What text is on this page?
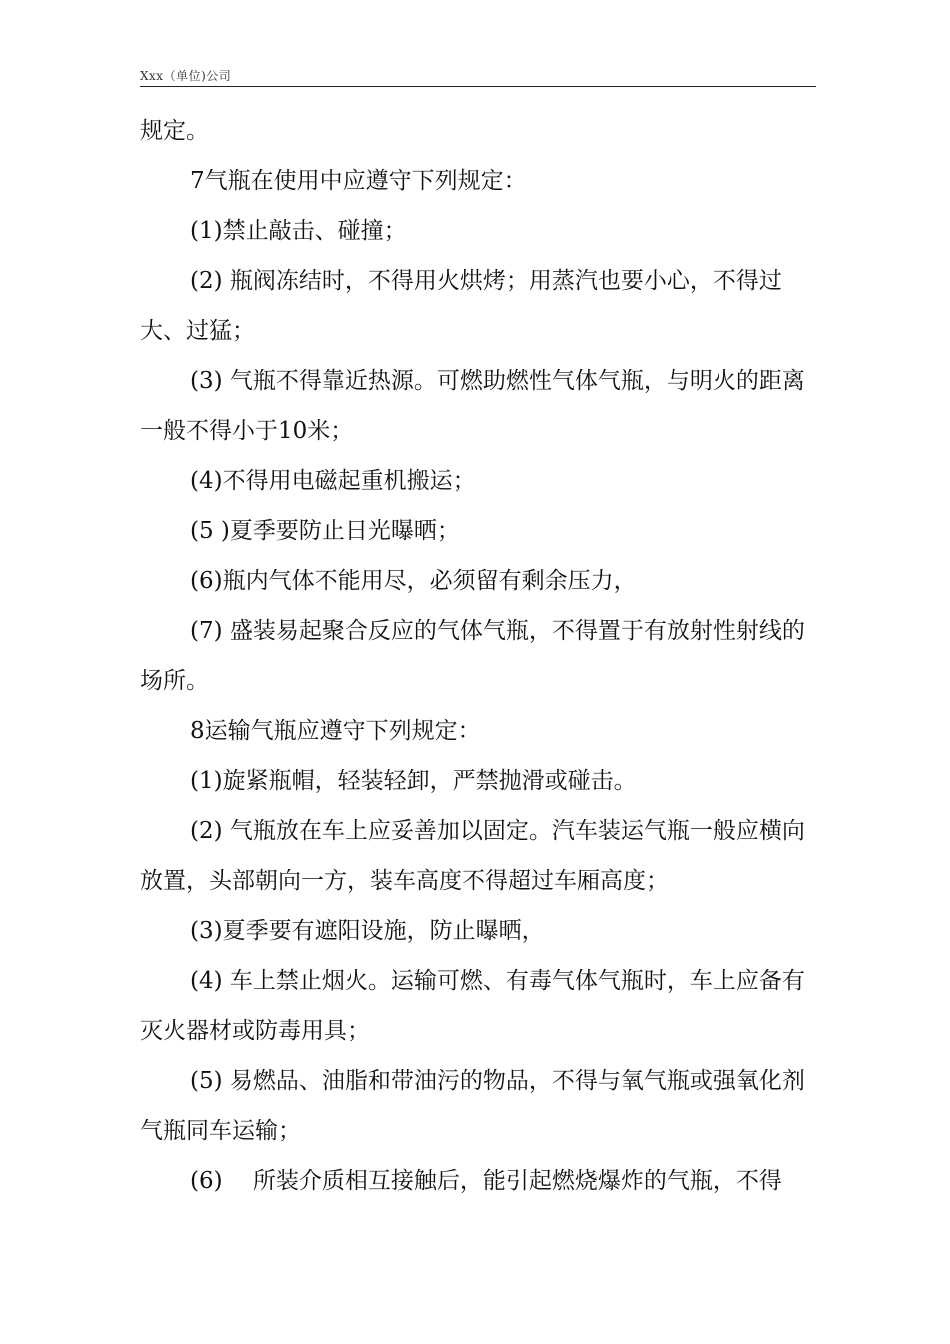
Xxx（单位)公司

规定。

7气瓶在使用中应遵守下列规定：

(1)禁止敲击、碰撞；

(2) 瓶阀冻结时，不得用火烘烤；用蒸汽也要小心，不得过大、过猛；

(3) 气瓶不得靠近热源。可燃助燃性气体气瓶，与明火的距离一般不得小于10米；

(4)不得用电磁起重机搬运；

(5 )夏季要防止日光曝晒；

(6)瓶内气体不能用尽，必须留有剩余压力，

(7) 盛装易起聚合反应的气体气瓶，不得置于有放射性射线的场所。

8运输气瓶应遵守下列规定：

(1)旋紧瓶帽，轻装轻卸，严禁抛滑或碰击。

(2) 气瓶放在车上应妥善加以固定。汽车装运气瓶一般应横向放置，头部朝向一方，装车高度不得超过车厢高度；

(3)夏季要有遮阳设施，防止曝晒，

(4) 车上禁止烟火。运输可燃、有毒气体气瓶时，车上应备有灭火器材或防毒用具；

(5) 易燃品、油脂和带油污的物品，不得与氧气瓶或强氧化剂气瓶同车运输；

(6)　 所装介质相互接触后，能引起燃烧爆炸的气瓶，不得
